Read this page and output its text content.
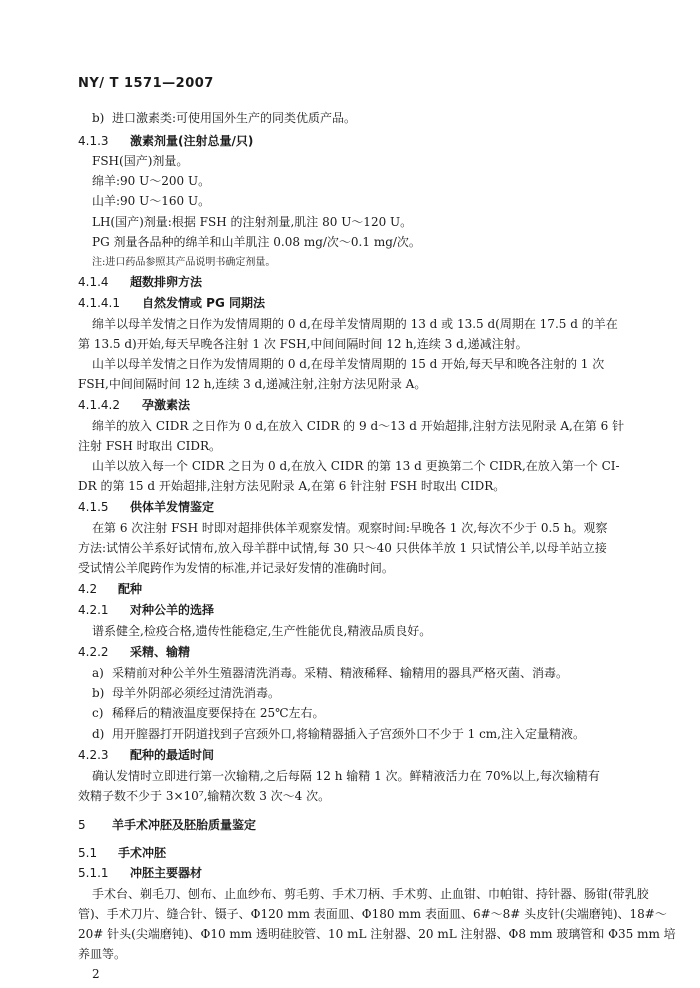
NY/ T 1571—2007
b) 进口激素类:可使用国外生产的同类优质产品。
4.1.3 激素剂量(注射总量/只)
FSH(国产)剂量。
绵羊:90 U～200 U。
山羊:90 U～160 U。
LH(国产)剂量:根据 FSH 的注射剂量,肌注 80 U～120 U。
PG 剂量各品种的绵羊和山羊肌注 0.08 mg/次～0.1 mg/次。
注:进口药品参照其产品说明书确定剂量。
4.1.4 超数排卵方法
4.1.4.1 自然发情或 PG 同期法
绵羊以母羊发情之日作为发情周期的 0 d,在母羊发情周期的 13 d 或 13.5 d(周期在 17.5 d 的羊在
第 13.5 d)开始,每天早晚各注射 1 次 FSH,中间间隔时间 12 h,连续 3 d,递减注射。
山羊以母羊发情之日作为发情周期的 0 d,在母羊发情周期的 15 d 开始,每天早和晚各注射的 1 次
FSH,中间间隔时间 12 h,连续 3 d,递减注射,注射方法见附录 A。
4.1.4.2 孕激素法
绵羊的放入 CIDR 之日作为 0 d,在放入 CIDR 的 9 d～13 d 开始超排,注射方法见附录 A,在第 6 针
注射 FSH 时取出 CIDR。
山羊以放入每一个 CIDR 之日为 0 d,在放入 CIDR 的第 13 d 更换第二个 CIDR,在放入第一个 CI-
DR 的第 15 d 开始超排,注射方法见附录 A,在第 6 针注射 FSH 时取出 CIDR。
4.1.5 供体羊发情鉴定
在第 6 次注射 FSH 时即对超排供体羊观察发情。观察时间:早晚各 1 次,每次不少于 0.5 h。观察
方法:试情公羊系好试情布,放入母羊群中试情,每 30 只～40 只供体羊放 1 只试情公羊,以母羊站立接
受试情公羊爬跨作为发情的标准,并记录好发情的准确时间。
4.2 配种
4.2.1 对种公羊的选择
谱系健全,检疫合格,遗传性能稳定,生产性能优良,精液品质良好。
4.2.2 采精、输精
a) 采精前对种公羊外生殖器清洗消毒。采精、精液稀释、输精用的器具严格灭菌、消毒。
b) 母羊外阴部必须经过清洗消毒。
c) 稀释后的精液温度要保持在 25℃左右。
d) 用开膣器打开阴道找到子宫颈外口,将输精器插入子宫颈外口不少于 1 cm,注入定量精液。
4.2.3 配种的最适时间
确认发情时立即进行第一次输精,之后每隔 12 h 输精 1 次。鲜精液活力在 70%以上,每次输精有
效精子数不少于 3×10⁷,输精次数 3 次～4 次。
5 羊手术冲胚及胚胎质量鉴定
5.1 手术冲胚
5.1.1 冲胚主要器材
手术台、剃毛刀、刨布、止血纱布、剪毛剪、手术刀柄、手术剪、止血钳、巾帕钳、持针器、肠钳(带乳胶
管)、手术刀片、缝合针、镊子、Φ120 mm 表面皿、Φ180 mm 表面皿、6#～8# 头皮针(尖端磨钝)、18#～
20# 针头(尖端磨钝)、Φ10 mm 透明硅胶管、10 mL 注射器、20 mL 注射器、Φ8 mm 玻璃管和 Φ35 mm 培
养皿等。
2
